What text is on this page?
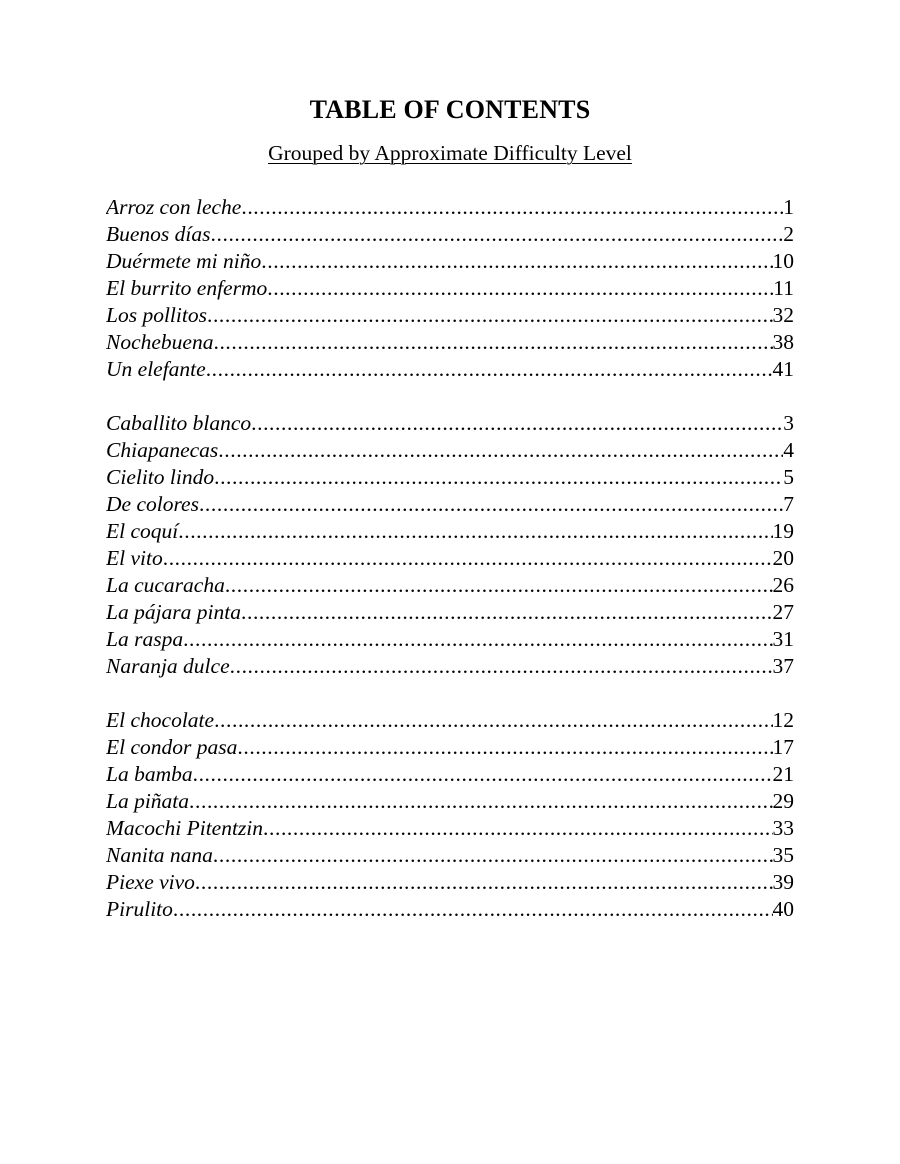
TABLE OF CONTENTS
Grouped by Approximate Difficulty Level
Arroz con leche .....	1
Buenos días .....	2
Duérmete mi niño .....	10
El burrito enfermo .....	11
Los pollitos .....	32
Nochebuena .....	38
Un elefante .....	41
Caballito blanco .....	3
Chiapanecas .....	4
Cielito lindo .....	5
De colores .....	7
El coquí .....	19
El vito .....	20
La cucaracha .....	26
La pájara pinta .....	27
La raspa .....	31
Naranja dulce .....	37
El chocolate .....	12
El condor pasa .....	17
La bamba .....	21
La piñata .....	29
Macochi Pitentzin .....	33
Nanita nana .....	35
Piexe vivo .....	39
Pirulito .....	40
